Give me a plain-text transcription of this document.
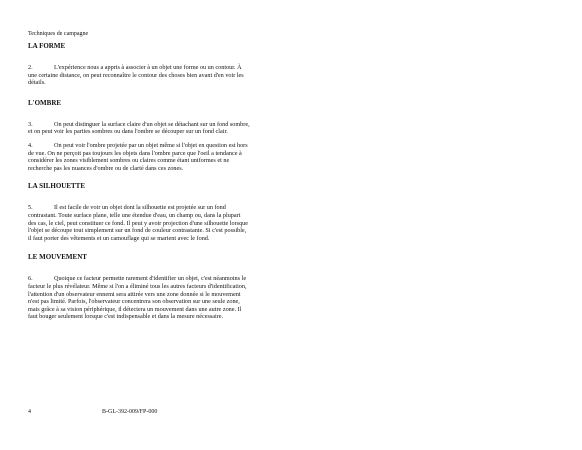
Techniques de campagne
LA FORME
2.	L'expérience nous a appris à associer à un objet une forme ou un contour. À une certaine distance, on peut reconnaître le contour des choses bien avant d'en voir les détails.
L'OMBRE
3.	On peut distinguer la surface claire d'un objet se détachant sur un fond sombre, et on peut voir les parties sombres ou dans l'ombre se découper sur un fond clair.
4.	On peut voir l'ombre projetée par un objet même si l'objet en question est hors de vue. On ne perçoit pas toujours les objets dans l'ombre parce que l'oeil a tendance à considérer les zones visiblement sombres ou claires comme étant uniformes et ne recherche pas les nuances d'ombre ou de clarté dans ces zones.
LA SILHOUETTE
5.	Il est facile de voir un objet dont la silhouette est projetée sur un fond contrastant. Toute surface plane, telle une étendue d'eau, un champ ou, dans la plupart des cas, le ciel, peut constituer ce fond. Il peut y avoir projection d'une silhouette lorsque l'objet se découpe tout simplement sur un fond de couleur contrastante. Si c'est possible, il faut porter des vêtements et un camouflage qui se marient avec le fond.
LE MOUVEMENT
6.	Quoique ce facteur permette rarement d'identifier un objet, c'est néanmoins le facteur le plus révélateur. Même si l'on a éliminé tous les autres facteurs d'identification, l'attention d'un observateur ennemi sera attirée vers une zone donnée si le mouvement n'est pas limité. Parfois, l'observateur concentrera son observation sur une seule zone, mais grâce à sa vision périphérique, il détectera un mouvement dans une autre zone. Il faut bouger seulement lorsque c'est indispensable et dans la mesure nécessaire.
4	B-GL-392-009/FP-000
